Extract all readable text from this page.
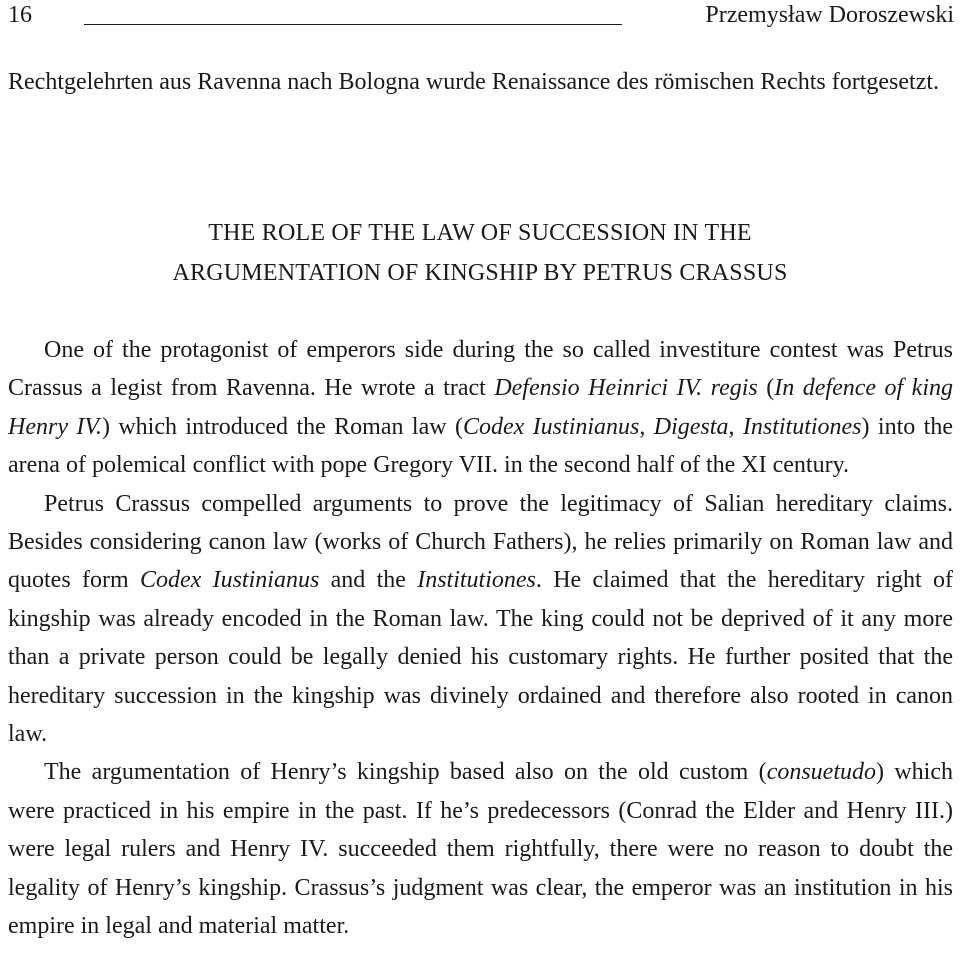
16	Przemysław Doroszewski

Rechtgelehrten aus Ravenna nach Bologna wurde Renaissance des römischen Rechts fortgesetzt.

THE ROLE OF THE LAW OF SUCCESSION IN THE
ARGUMENTATION OF KINGSHIP BY PETRUS CRASSUS

One of the protagonist of emperors side during the so called investiture contest was Petrus Crassus a legist from Ravenna. He wrote a tract Defensio Heinrici IV. regis (In defence of king Henry IV.) which introduced the Roman law (Codex Iustinianus, Digesta, Institutiones) into the arena of polemical conflict with pope Gregory VII. in the second half of the XI century.

Petrus Crassus compelled arguments to prove the legitimacy of Salian hereditary claims. Besides considering canon law (works of Church Fathers), he relies primarily on Roman law and quotes form Codex Iustinianus and the Institutiones. He claimed that the hereditary right of kingship was already encoded in the Roman law. The king could not be deprived of it any more than a private person could be legally denied his customary rights. He further posited that the hereditary succession in the kingship was divinely ordained and therefore also rooted in canon law.

The argumentation of Henry’s kingship based also on the old custom (consuetudo) which were practiced in his empire in the past. If he’s predecessors (Conrad the Elder and Henry III.) were legal rulers and Henry IV. succeeded them rightfully, there were no reason to doubt the legality of Henry’s kingship. Crassus’s judgment was clear, the emperor was an institution in his empire in legal and material matter.
